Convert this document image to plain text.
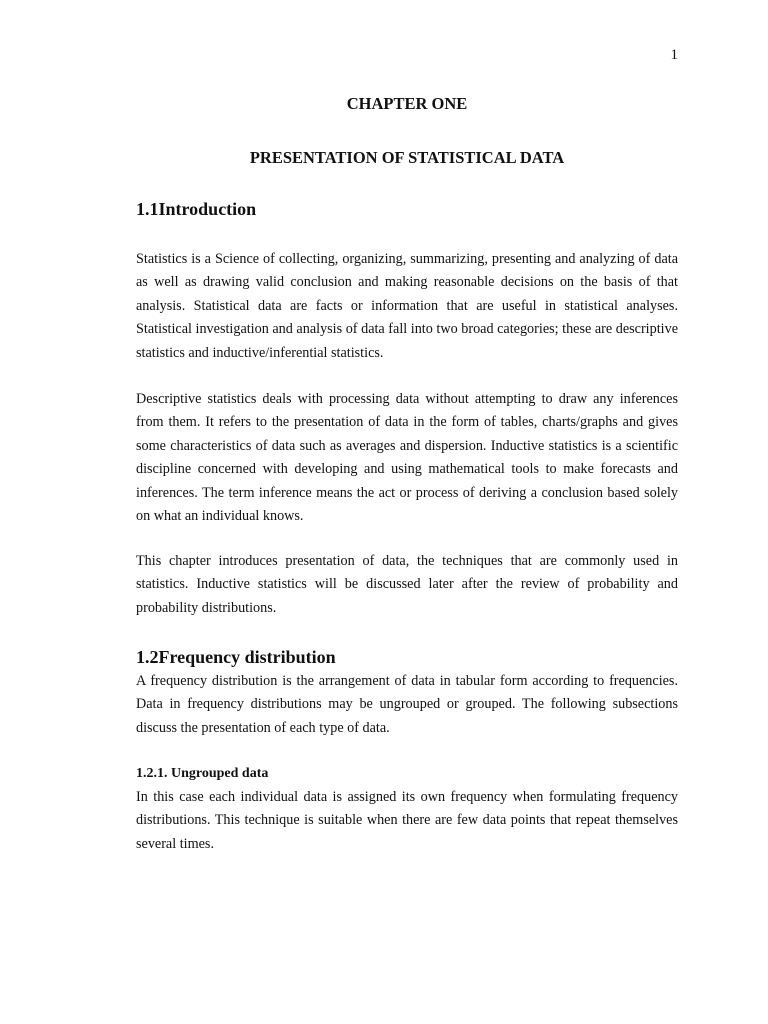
1
CHAPTER ONE
PRESENTATION OF STATISTICAL DATA
1.1Introduction

Statistics is a Science of collecting, organizing, summarizing, presenting and analyzing of data as well as drawing valid conclusion and making reasonable decisions on the basis of that analysis. Statistical data are facts or information that are useful in statistical analyses. Statistical investigation and analysis of data fall into two broad categories; these are descriptive statistics and inductive/inferential statistics.

Descriptive statistics deals with processing data without attempting to draw any inferences from them. It refers to the presentation of data in the form of tables, charts/graphs and gives some characteristics of data such as averages and dispersion. Inductive statistics is a scientific discipline concerned with developing and using mathematical tools to make forecasts and inferences. The term inference means the act or process of deriving a conclusion based solely on what an individual knows.

This chapter introduces presentation of data, the techniques that are commonly used in statistics. Inductive statistics will be discussed later after the review of probability and probability distributions.

1.2Frequency distribution

A frequency distribution is the arrangement of data in tabular form according to frequencies. Data in frequency distributions may be ungrouped or grouped. The following subsections discuss the presentation of each type of data.

1.2.1. Ungrouped data

In this case each individual data is assigned its own frequency when formulating frequency distributions. This technique is suitable when there are few data points that repeat themselves several times.
